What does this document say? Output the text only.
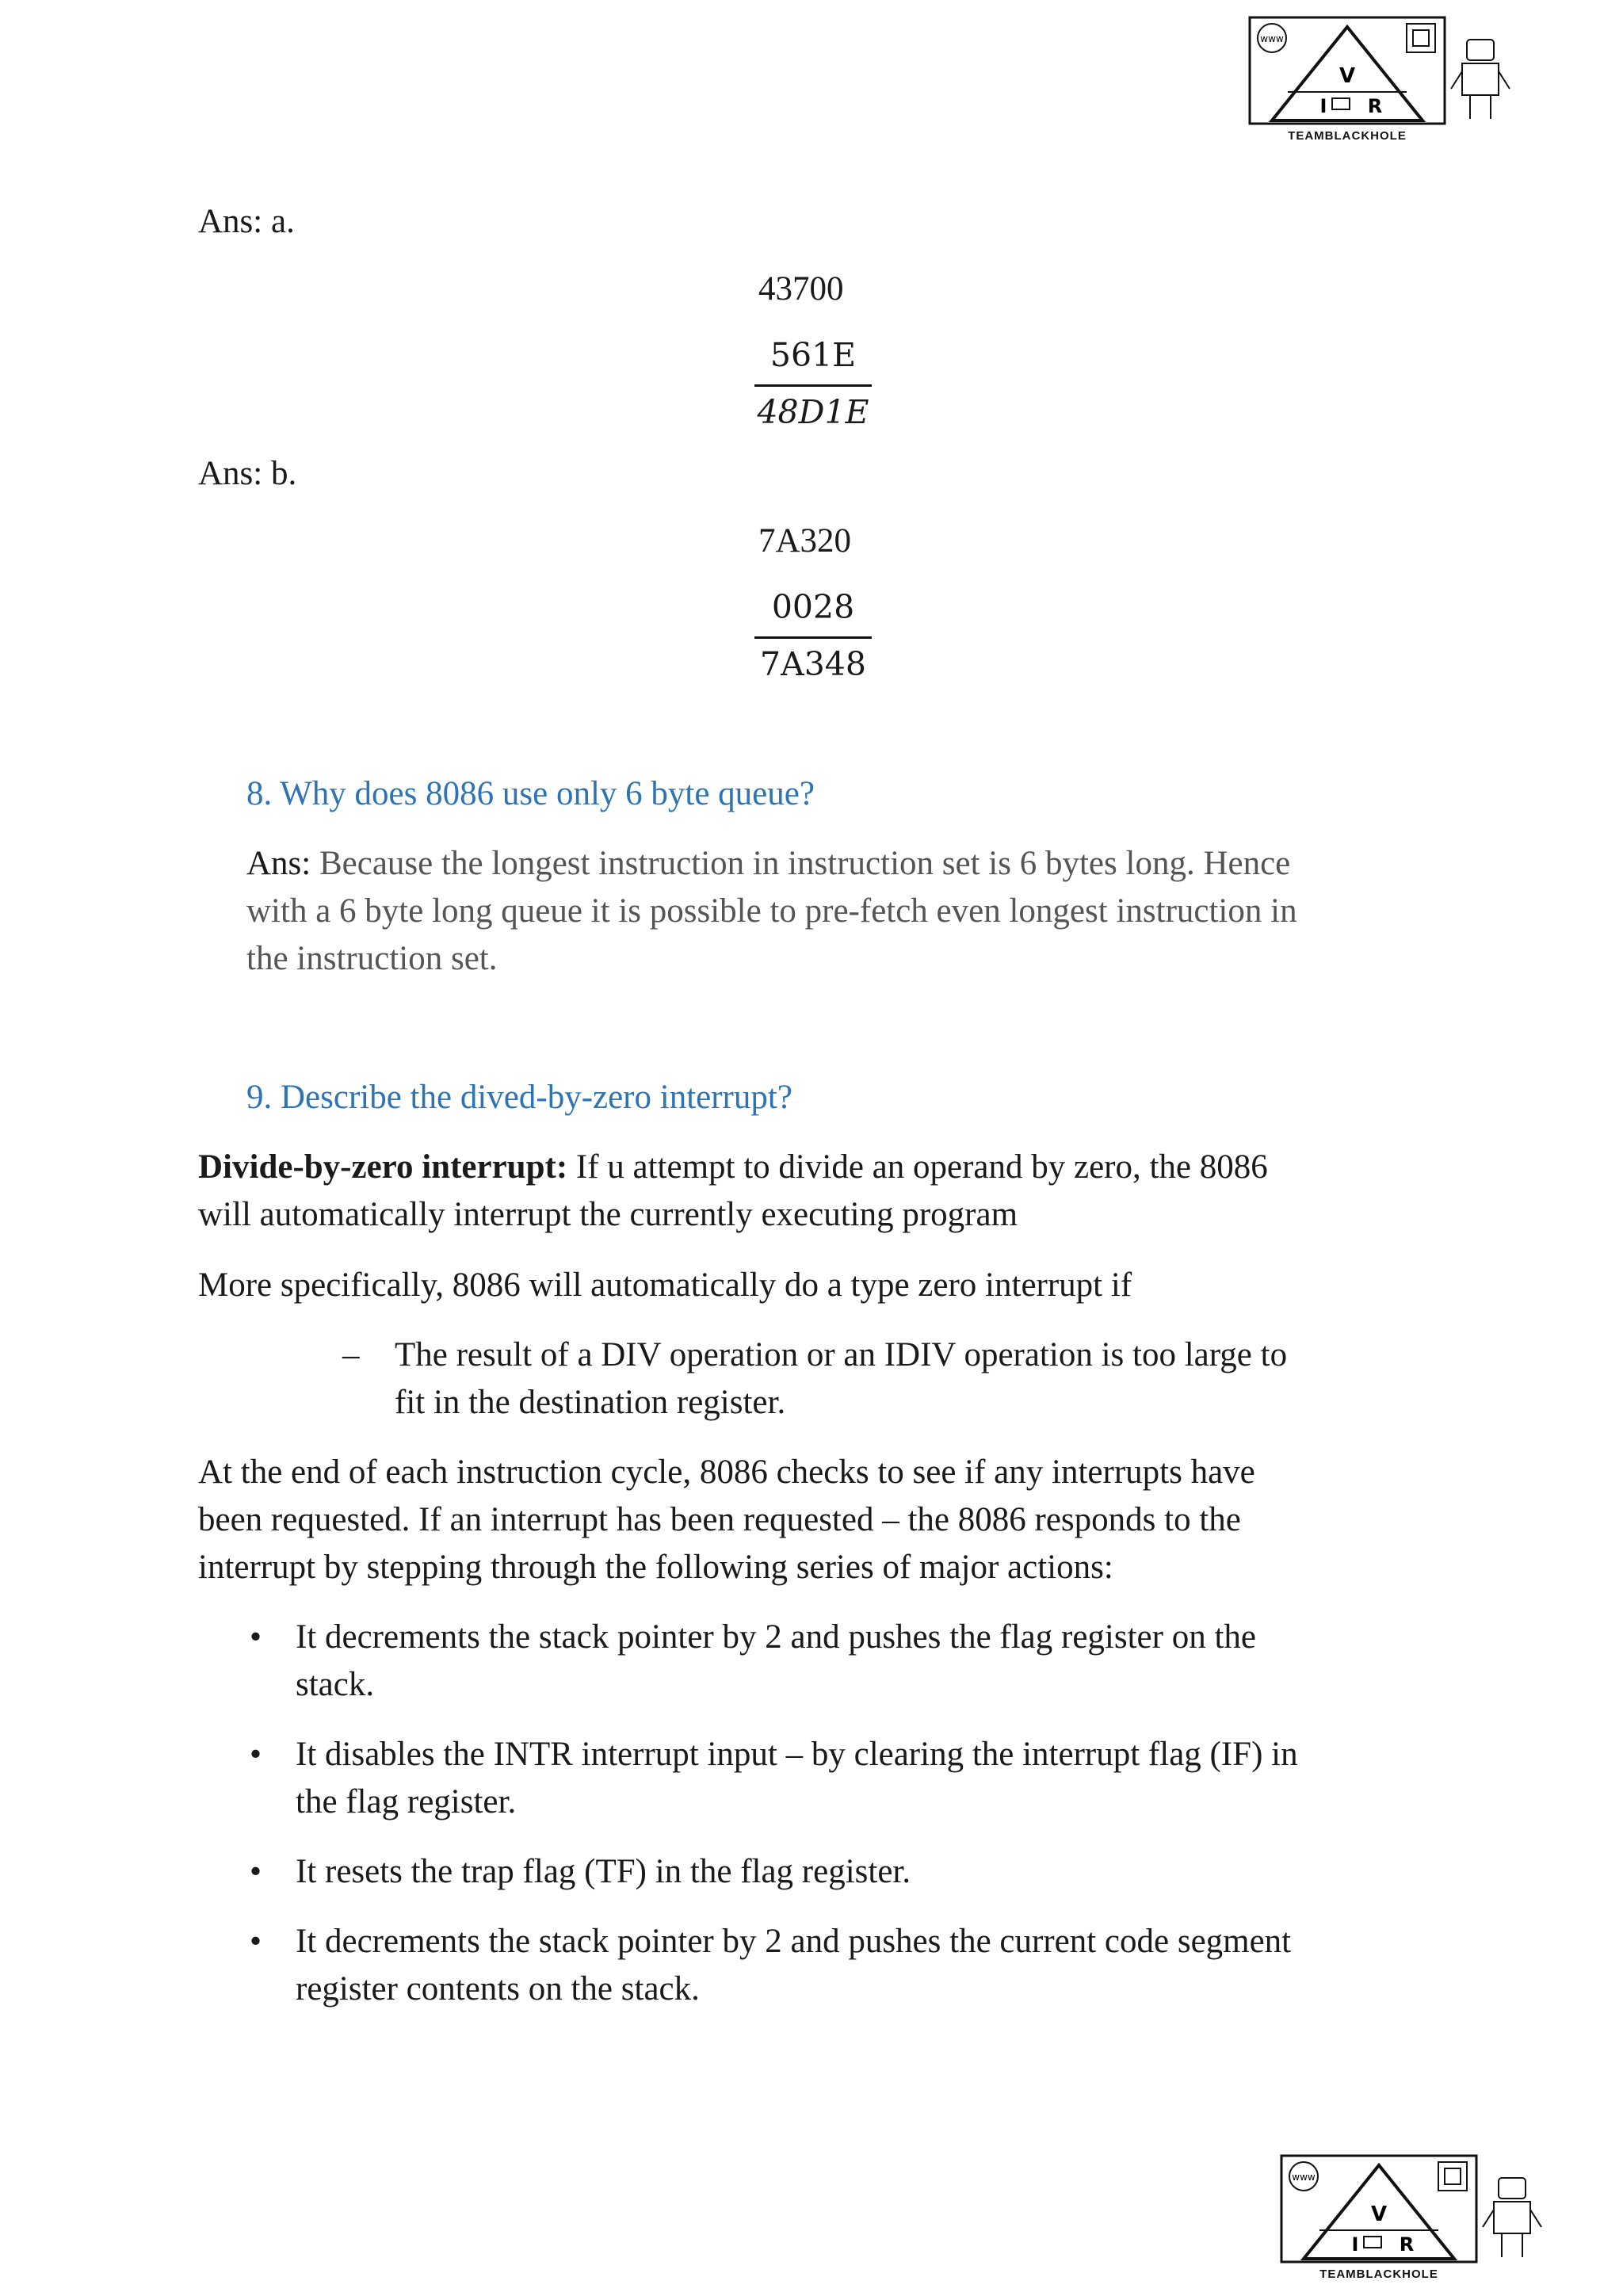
www
V
I R
TEAMBLACKHOLE
Ans: a.
43700
561E
48D1E
Ans: b.
7A320
0028
7A348
8. Why does 8086 use only 6 byte queue?
Ans: Because the longest instruction in instruction set is 6 bytes long. Hence
with a 6 byte long queue it is possible to pre-fetch even longest instruction in
the instruction set.
9. Describe the dived-by-zero interrupt?
Divide-by-zero interrupt: If u attempt to divide an operand by zero, the 8086
will automatically interrupt the currently executing program
More specifically, 8086 will automatically do a type zero interrupt if
– The result of a DIV operation or an IDIV operation is too large to
fit in the destination register.
At the end of each instruction cycle, 8086 checks to see if any interrupts have
been requested. If an interrupt has been requested – the 8086 responds to the
interrupt by stepping through the following series of major actions:
• It decrements the stack pointer by 2 and pushes the flag register on the
stack.
• It disables the INTR interrupt input – by clearing the interrupt flag (IF) in
the flag register.
• It resets the trap flag (TF) in the flag register.
• It decrements the stack pointer by 2 and pushes the current code segment
register contents on the stack.
www
V
I R
TEAMBLACKHOLE
